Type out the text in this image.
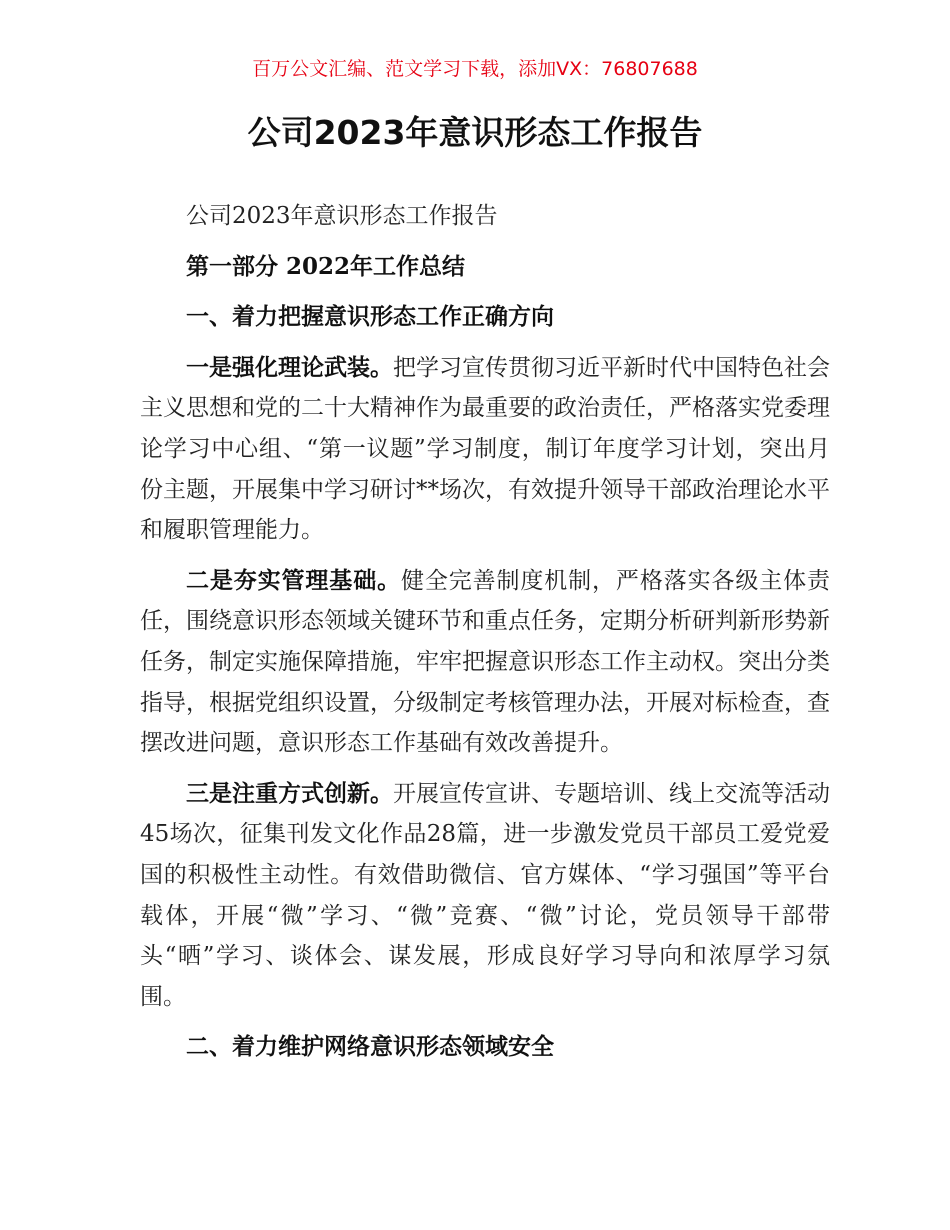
百万公文汇编、范文学习下载，添加VX：76807688
公司2023年意识形态工作报告

公司2023年意识形态工作报告

第一部分 2022年工作总结

一、着力把握意识形态工作正确方向

一是强化理论武装。把学习宣传贯彻习近平新时代中国特色社会主义思想和党的二十大精神作为最重要的政治责任，严格落实党委理论学习中心组、“第一议题”学习制度，制订年度学习计划，突出月份主题，开展集中学习研讨**场次，有效提升领导干部政治理论水平和履职管理能力。

二是夯实管理基础。健全完善制度机制，严格落实各级主体责任，围绕意识形态领域关键环节和重点任务，定期分析研判新形势新任务，制定实施保障措施，牢牢把握意识形态工作主动权。突出分类指导，根据党组织设置，分级制定考核管理办法，开展对标检查，查摆改进问题，意识形态工作基础有效改善提升。

三是注重方式创新。开展宣传宣讲、专题培训、线上交流等活动45场次，征集刊发文化作品28篇，进一步激发党员干部员工爱党爱国的积极性主动性。有效借助微信、官方媒体、“学习强国”等平台载体，开展“微”学习、“微”竞赛、“微”讨论，党员领导干部带头“晒”学习、谈体会、谋发展，形成良好学习导向和浓厚学习氛围。

二、着力维护网络意识形态领域安全
